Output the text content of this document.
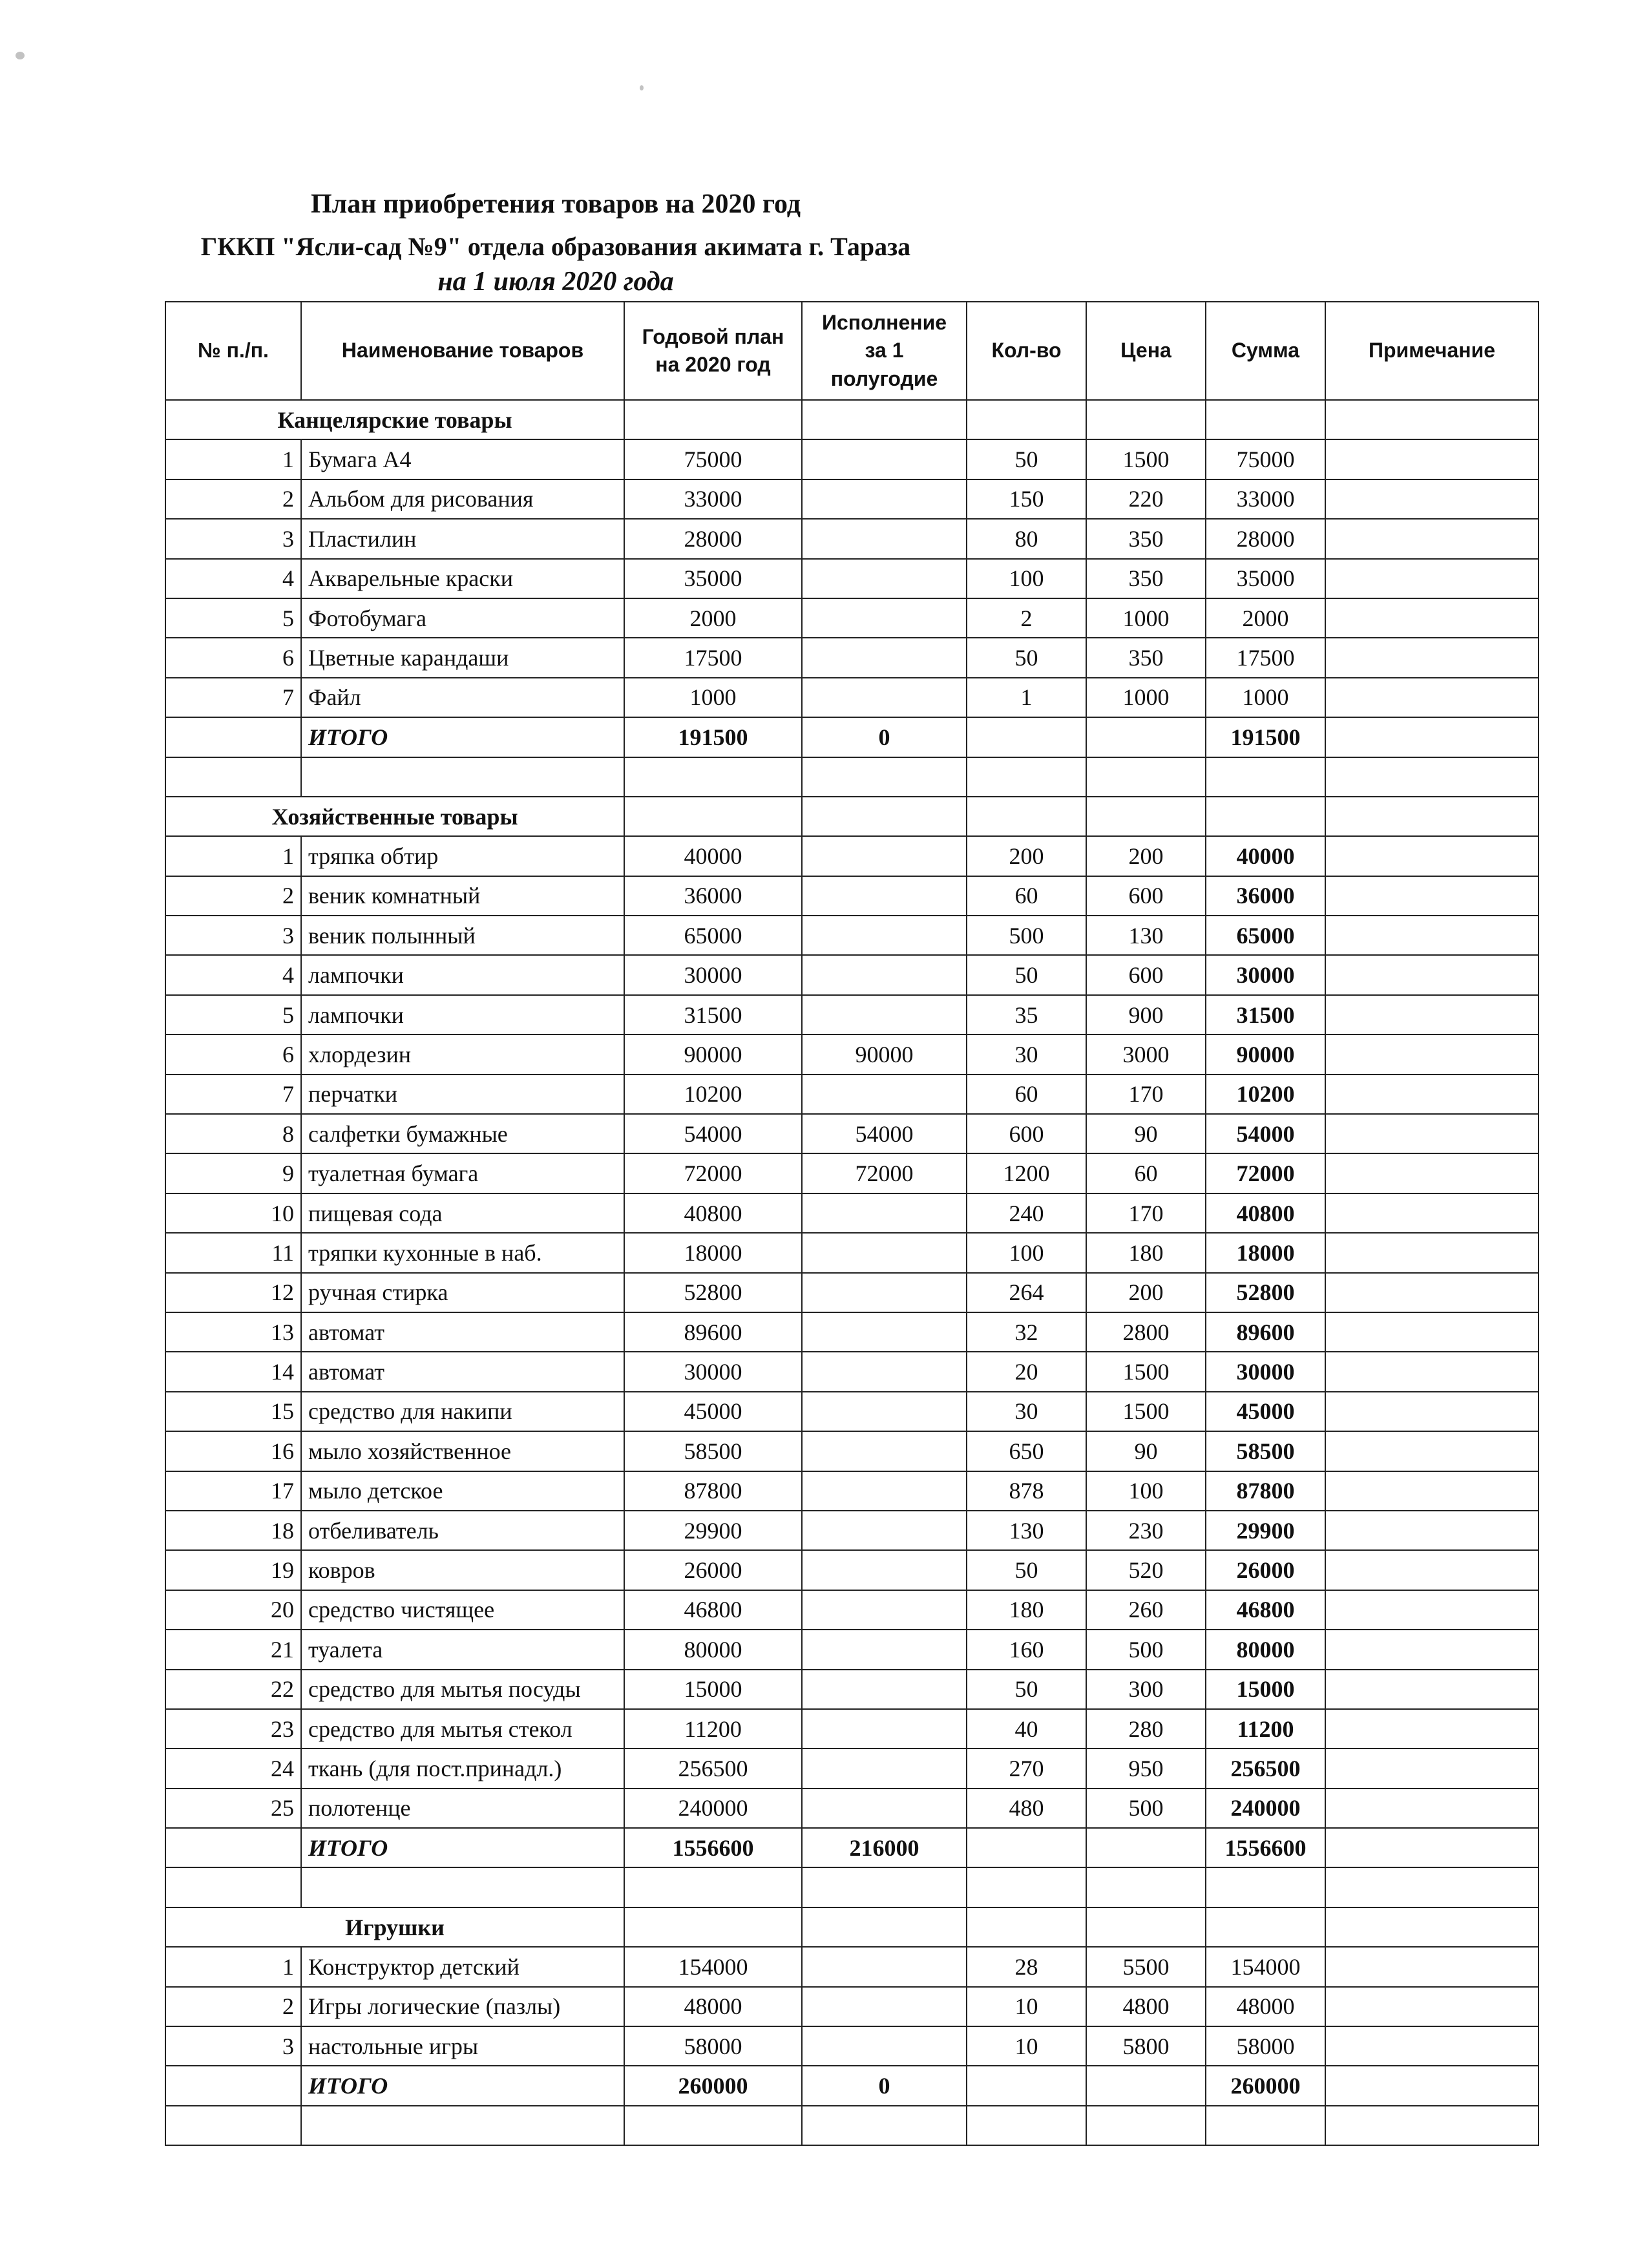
План приобретения товаров на 2020 год
ГККП "Ясли-сад №9" отдела образования акимата г. Тараза
на 1 июля 2020 года
№ п./п.	Наименование товаров	Годовой план на 2020 год	Исполнение за 1 полугодие	Кол-во	Цена	Сумма	Примечание
Канцелярские товары							
1	Бумага А4	75000		50	1500	75000	
2	Альбом для рисования	33000		150	220	33000	
3	Пластилин	28000		80	350	28000	
4	Акварельные краски	35000		100	350	35000	
5	Фотобумага	2000		2	1000	2000	
6	Цветные карандаши	17500		50	350	17500	
7	Файл	1000		1	1000	1000	
	ИТОГО	191500	0			191500	

Хозяйственные товары							
1	тряпка обтир	40000		200	200	40000	
2	веник комнатный	36000		60	600	36000	
3	веник полынный	65000		500	130	65000	
4	лампочки	30000		50	600	30000	
5	лампочки	31500		35	900	31500	
6	хлордезин	90000	90000	30	3000	90000	
7	перчатки	10200		60	170	10200	
8	салфетки бумажные	54000	54000	600	90	54000	
9	туалетная бумага	72000	72000	1200	60	72000	
10	пищевая сода	40800		240	170	40800	
11	тряпки кухонные в наб.	18000		100	180	18000	
12	ручная стирка	52800		264	200	52800	
13	автомат	89600		32	2800	89600	
14	автомат	30000		20	1500	30000	
15	средство для накипи	45000		30	1500	45000	
16	мыло хозяйственное	58500		650	90	58500	
17	мыло детское	87800		878	100	87800	
18	отбеливатель	29900		130	230	29900	
19	ковров	26000		50	520	26000	
20	средство чистящее	46800		180	260	46800	
21	туалета	80000		160	500	80000	
22	средство для мытья посуды	15000		50	300	15000	
23	средство для мытья стекол	11200		40	280	11200	
24	ткань (для пост.принадл.)	256500		270	950	256500	
25	полотенце	240000		480	500	240000	
	ИТОГО	1556600	216000			1556600	

Игрушки							
1	Конструктор детский	154000		28	5500	154000	
2	Игры логические (пазлы)	48000		10	4800	48000	
3	настольные игры	58000		10	5800	58000	
	ИТОГО	260000	0			260000	
